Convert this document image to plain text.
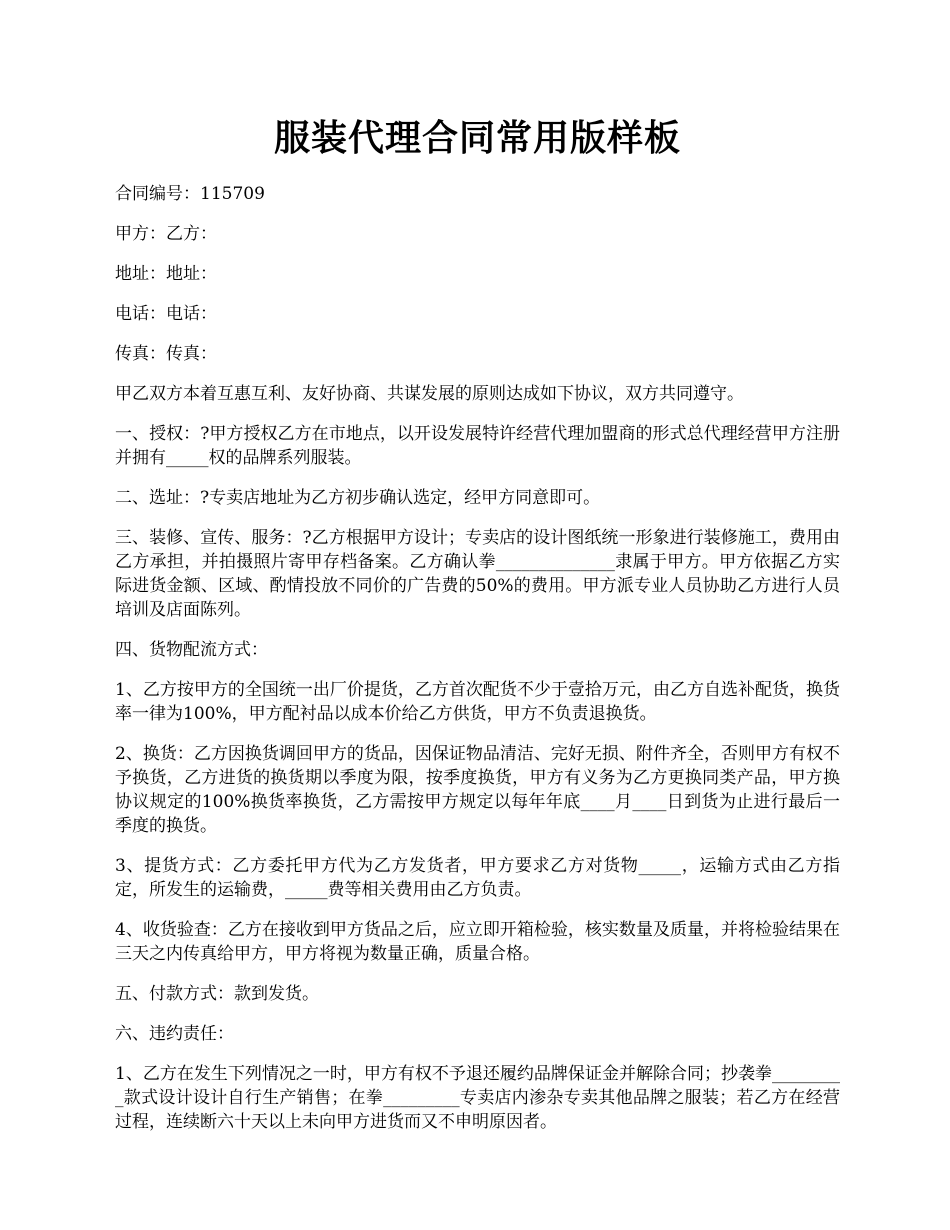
服装代理合同常用版样板

合同编号：115709

甲方：乙方：

地址：地址：

电话：电话：

传真：传真：

甲乙双方本着互惠互利、友好协商、共谋发展的原则达成如下协议，双方共同遵守。

一、授权：?甲方授权乙方在市地点，以开设发展特许经营代理加盟商的形式总代理经营甲方注册并拥有_____权的品牌系列服装。

二、选址：?专卖店地址为乙方初步确认选定，经甲方同意即可。

三、装修、宣传、服务：?乙方根据甲方设计；专卖店的设计图纸统一形象进行装修施工，费用由乙方承担，并拍摄照片寄甲存档备案。乙方确认拳______________隶属于甲方。甲方依据乙方实际进货金额、区域、酌情投放不同价的广告费的50%的费用。甲方派专业人员协助乙方进行人员培训及店面陈列。

四、货物配流方式：

1、乙方按甲方的全国统一出厂价提货，乙方首次配货不少于壹拾万元，由乙方自选补配货，换货率一律为100%，甲方配衬品以成本价给乙方供货，甲方不负责退换货。

2、换货：乙方因换货调回甲方的货品，因保证物品清洁、完好无损、附件齐全，否则甲方有权不予换货，乙方进货的换货期以季度为限，按季度换货，甲方有义务为乙方更换同类产品，甲方换协议规定的100%换货率换货，乙方需按甲方规定以每年年底____月____日到货为止进行最后一季度的换货。

3、提货方式：乙方委托甲方代为乙方发货者，甲方要求乙方对货物_____，运输方式由乙方指定，所发生的运输费，_____费等相关费用由乙方负责。

4、收货验查：乙方在接收到甲方货品之后，应立即开箱检验，核实数量及质量，并将检验结果在三天之内传真给甲方，甲方将视为数量正确，质量合格。

五、付款方式：款到发货。

六、违约责任：

1、乙方在发生下列情况之一时，甲方有权不予退还履约品牌保证金并解除合同；抄袭拳_________款式设计设计自行生产销售；在拳_________专卖店内渗杂专卖其他品牌之服装；若乙方在经营过程，连续断六十天以上未向甲方进货而又不申明原因者。
